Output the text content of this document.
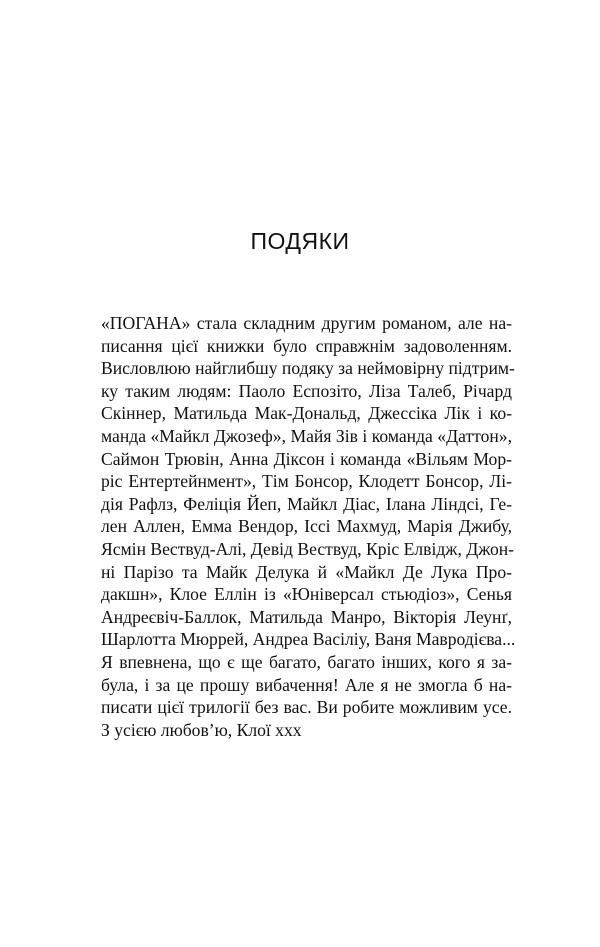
ПОДЯКИ
«ПОГАНА» стала складним другим романом, але на-
писання цієї книжки було справжнім задоволенням.
Висловлюю найглибшу подяку за неймовірну підтрим-
ку таким людям: Паоло Еспозіто, Ліза Талеб, Річард
Скіннер, Матильда Мак-Дональд, Джессіка Лік і ко-
манда «Майкл Джозеф», Майя Зів і команда «Даттон»,
Саймон Трювін, Анна Діксон і команда «Вільям Мор-
ріс Ентертейнмент», Тім Бонсор, Клодетт Бонсор, Лі-
дія Рафлз, Феліція Йеп, Майкл Діас, Ілана Ліндсі, Ге-
лен Аллен, Емма Вендор, Іссі Махмуд, Марія Джибу,
Ясмін Веcтвуд-Алі, Девід Вествуд, Кріс Елвідж, Джон-
ні Парізо та Майк Делука й «Майкл Де Лука Про-
дакшн», Клое Еллін із «Юніверсал стьюдіоз», Сенья
Андреєвіч-Баллок, Матильда Манро, Вікторія Леунґ,
Шарлотта Мюррей, Андреа Васіліу, Ваня Мавродієва...
Я впевнена, що є ще багато, багато інших, кого я за-
була, і за це прошу вибачення! Але я не змогла б на-
писати цієї трилогії без вас. Ви робите можливим усе.
З усією любов’ю, Клої ххх
